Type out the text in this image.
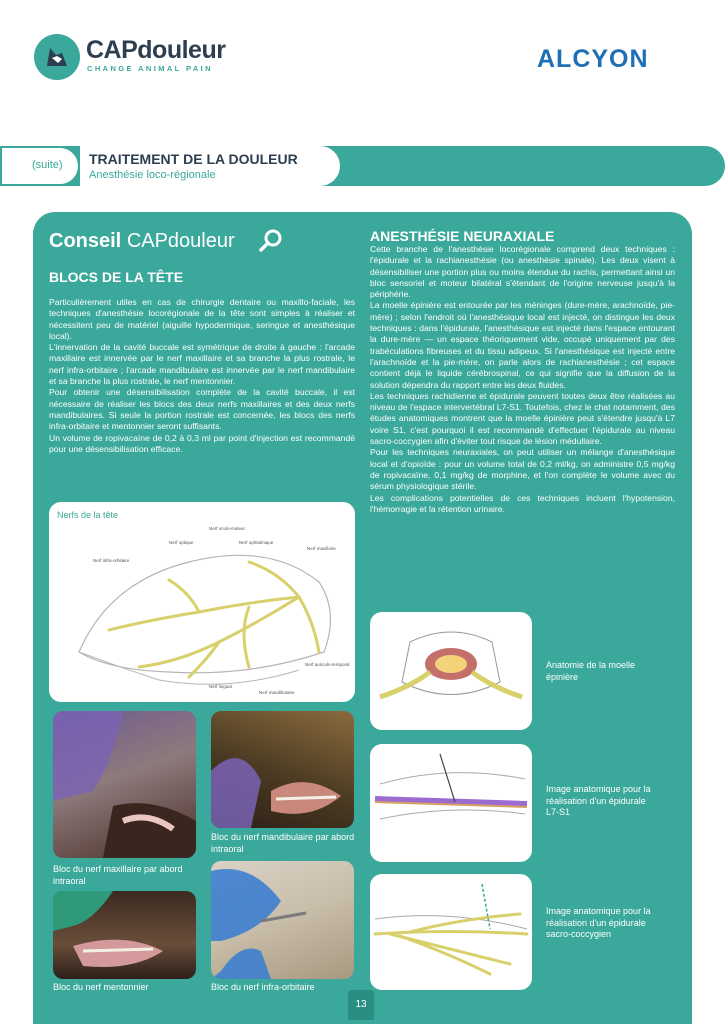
CAPdouleur
CHANGE ANIMAL PAIN	ALCYON
(suite) TRAITEMENT DE LA DOULEUR
Anesthésie loco-régionale
Conseil CAPdouleur
BLOCS DE LA TÊTE

Particulièrement utiles en cas de chirurgie dentaire ou maxillo-faciale, les techniques d'anesthésie locorégionale de la tête sont simples à réaliser et nécessitent peu de matériel (aiguille hypodermique, seringue et anesthésique local).

L'innervation de la cavité buccale est symétrique de droite à gauche : l'arcade maxillaire est innervée par le nerf maxillaire et sa branche la plus rostrale, le nerf infra-orbitaire ; l'arcade mandibulaire est innervée par le nerf mandibulaire et sa branche la plus rostrale, le nerf mentonnier.

Pour obtenir une désensibilisation complète de la cavité buccale, il est nécessaire de réaliser les blocs des deux nerfs maxillaires et des deux nerfs mandibulaires. Si seule la portion rostrale est concernée, les blocs des nerfs infra-orbitaire et mentonnier seront suffisants.

Un volume de ropivacaïne de 0,2 à 0,3 ml par point d'injection est recommandé pour une désensibilisation efficace.

Nerfs de la tête
Nerf oculo-moteur
Nerf optique	Nerf ophtalmique
Nerf maxillaire
Nerf infra-orbitaire
Nerf lingual
Nerf mandibulaire
Nerf auriculo-temporal
Bloc du nerf maxillaire par abord intraoral
Bloc du nerf mandibulaire par abord intraoral
Bloc du nerf mentonnier	Bloc du nerf infra-orbitaire
ANESTHÉSIE NEURAXIALE

Cette branche de l'anesthésie locorégionale comprend deux techniques : l'épidurale et la rachianesthésie (ou anesthésie spinale). Les deux visent à désensibiliser une portion plus ou moins étendue du rachis, permettant ainsi un bloc sensoriel et moteur bilatéral s'étendant de l'origine nerveuse jusqu'à la périphérie.

La moelle épinière est entourée par les méninges (dure-mère, arachnoïde, pie-mère) ; selon l'endroit où l'anesthésique local est injecté, on distingue les deux techniques : dans l'épidurale, l'anesthésique est injecté dans l'espace entourant la dure-mère — un espace théoriquement vide, occupé uniquement par des trabéculations fibreuses et du tissu adipeux. Si l'anesthésique est injecté entre l'arachnoïde et la pie-mère, on parle alors de rachianesthésie ; cet espace contient déjà le liquide cérébrospinal, ce qui signifie que la diffusion de la solution dépendra du rapport entre les deux fluides.

Les techniques rachidienne et épidurale peuvent toutes deux être réalisées au niveau de l'espace intervertébral L7-S1. Toutefois, chez le chat notamment, des études anatomiques montrent que la moelle épinière peut s'étendre jusqu'à L7 voire S1, c'est pourquoi il est recommandé d'effectuer l'épidurale au niveau sacro-coccygien afin d'éviter tout risque de lésion médullaire.

Pour les techniques neuraxiales, on peut utiliser un mélange d'anesthésique local et d'opioïde : pour un volume total de 0,2 ml/kg, on administre 0,5 mg/kg de ropivacaïne, 0,1 mg/kg de morphine, et l'on complète le volume avec du sérum physiologique stérile.

Les complications potentielles de ces techniques incluent l'hypotension, l'hémorragie et la rétention urinaire.

Anatomie de la moelle épinière
Image anatomique pour la réalisation d'un épidurale L7-S1
Image anatomique pour la réalisation d'un épidurale sacro-coccygien
13
